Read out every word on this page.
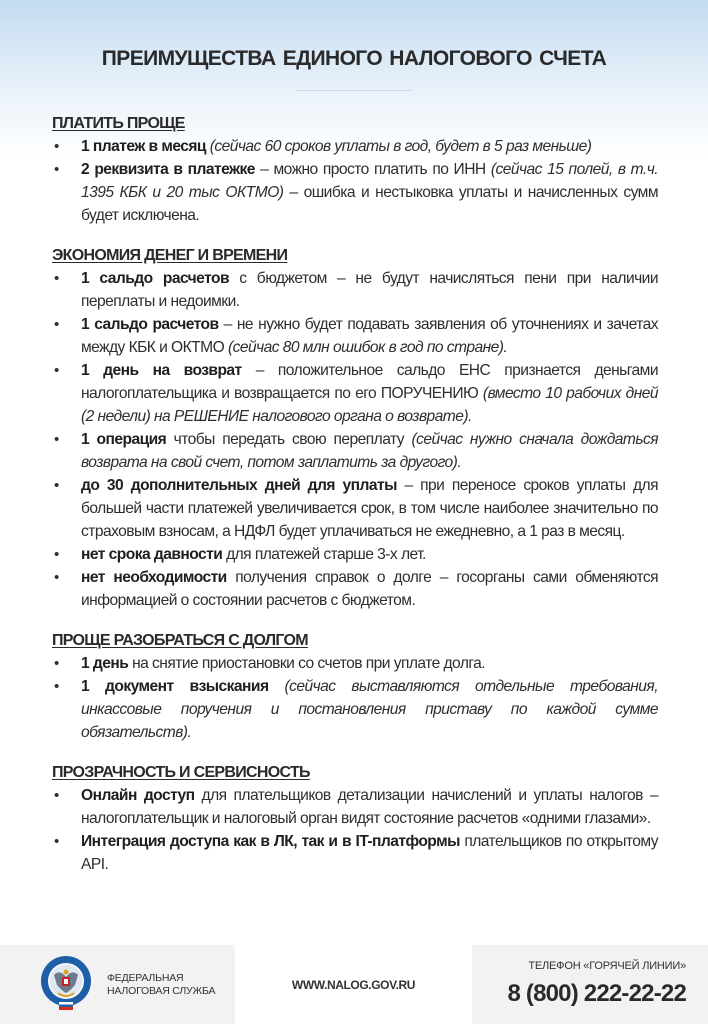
ПРЕИМУЩЕСТВА ЕДИНОГО НАЛОГОВОГО СЧЕТА
ПЛАТИТЬ ПРОЩЕ
• 1 платеж в месяц (сейчас 60 сроков уплаты в год, будет в 5 раз меньше)
• 2 реквизита в платежке – можно просто платить по ИНН (сейчас 15 полей, в т.ч. 1395 КБК и 20 тыс ОКТМО) – ошибка и нестыковка уплаты и начисленных сумм будет исключена.
ЭКОНОМИЯ ДЕНЕГ И ВРЕМЕНИ
• 1 сальдо расчетов с бюджетом – не будут начисляться пени при наличии переплаты и недоимки.
• 1 сальдо расчетов – не нужно будет подавать заявления об уточнениях и зачетах между КБК и ОКТМО (сейчас 80 млн ошибок в год по стране).
• 1 день на возврат – положительное сальдо ЕНС признается деньгами налогоплательщика и возвращается по его ПОРУЧЕНИЮ (вместо 10 рабочих дней (2 недели) на РЕШЕНИЕ налогового органа о возврате).
• 1 операция чтобы передать свою переплату (сейчас нужно сначала дождаться возврата на свой счет, потом заплатить за другого).
• до 30 дополнительных дней для уплаты – при переносе сроков уплаты для большей части платежей увеличивается срок, в том числе наиболее значительно по страховым взносам, а НДФЛ будет уплачиваться не ежедневно, а 1 раз в месяц.
• нет срока давности для платежей старше 3-х лет.
• нет необходимости получения справок о долге – госорганы сами обменяются информацией о состоянии расчетов с бюджетом.
ПРОЩЕ РАЗОБРАТЬСЯ С ДОЛГОМ
• 1 день на снятие приостановки со счетов при уплате долга.
• 1 документ взыскания (сейчас выставляются отдельные требования, инкассовые поручения и постановления приставу по каждой сумме обязательств).
ПРОЗРАЧНОСТЬ И СЕРВИСНОСТЬ
• Онлайн доступ для плательщиков детализации начислений и уплаты налогов – налогоплательщик и налоговый орган видят состояние расчетов «одними глазами».
• Интеграция доступа как в ЛК, так и в IT-платформы плательщиков по открытому API.
ФЕДЕРАЛЬНАЯ
НАЛОГОВАЯ СЛУЖБА	WWW.NALOG.GOV.RU
ТЕЛЕФОН «ГОРЯЧЕЙ ЛИНИИ»
8 (800) 222-22-22
